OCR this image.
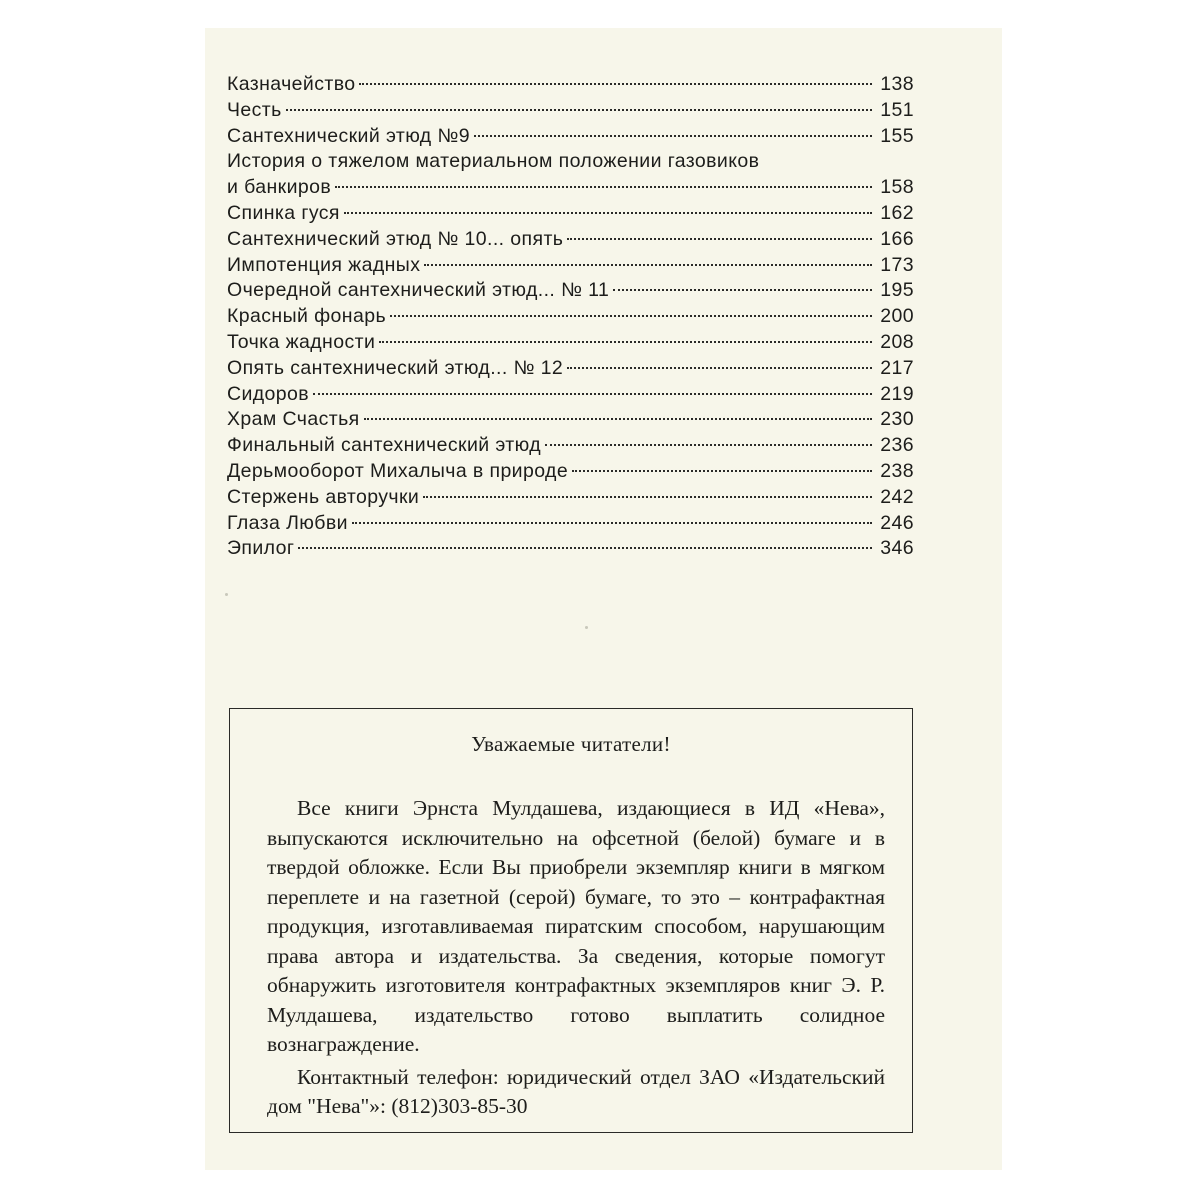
Казначейство	138
Честь	151
Сантехнический этюд №9	155
История о тяжелом материальном положении газовиков
и банкиров	158
Спинка гуся	162
Сантехнический этюд № 10... опять	166
Импотенция жадных	173
Очередной сантехнический этюд... № 11	195
Красный фонарь	200
Точка жадности	208
Опять сантехнический этюд... № 12	217
Сидоров	219
Храм Счастья	230
Финальный сантехнический этюд	236
Дерьмооборот Михалыча в природе	238
Стержень авторучки	242
Глаза Любви	246
Эпилог	346
Уважаемые читатели!

Все книги Эрнста Мулдашева, издающиеся в ИД «Нева», выпускаются исключительно на офсетной (белой) бумаге и в твердой обложке. Если Вы приобрели экземпляр книги в мягком переплете и на газетной (серой) бумаге, то это – контрафактная продукция, изготавливаемая пиратским способом, нарушающим права автора и издательства. За сведения, которые помогут обнаружить изготовителя контрафактных экземпляров книг Э. Р. Мулдашева, издательство готово выплатить солидное вознаграждение.

Контактный телефон: юридический отдел ЗАО «Издательский дом "Нева"»: (812)303-85-30
